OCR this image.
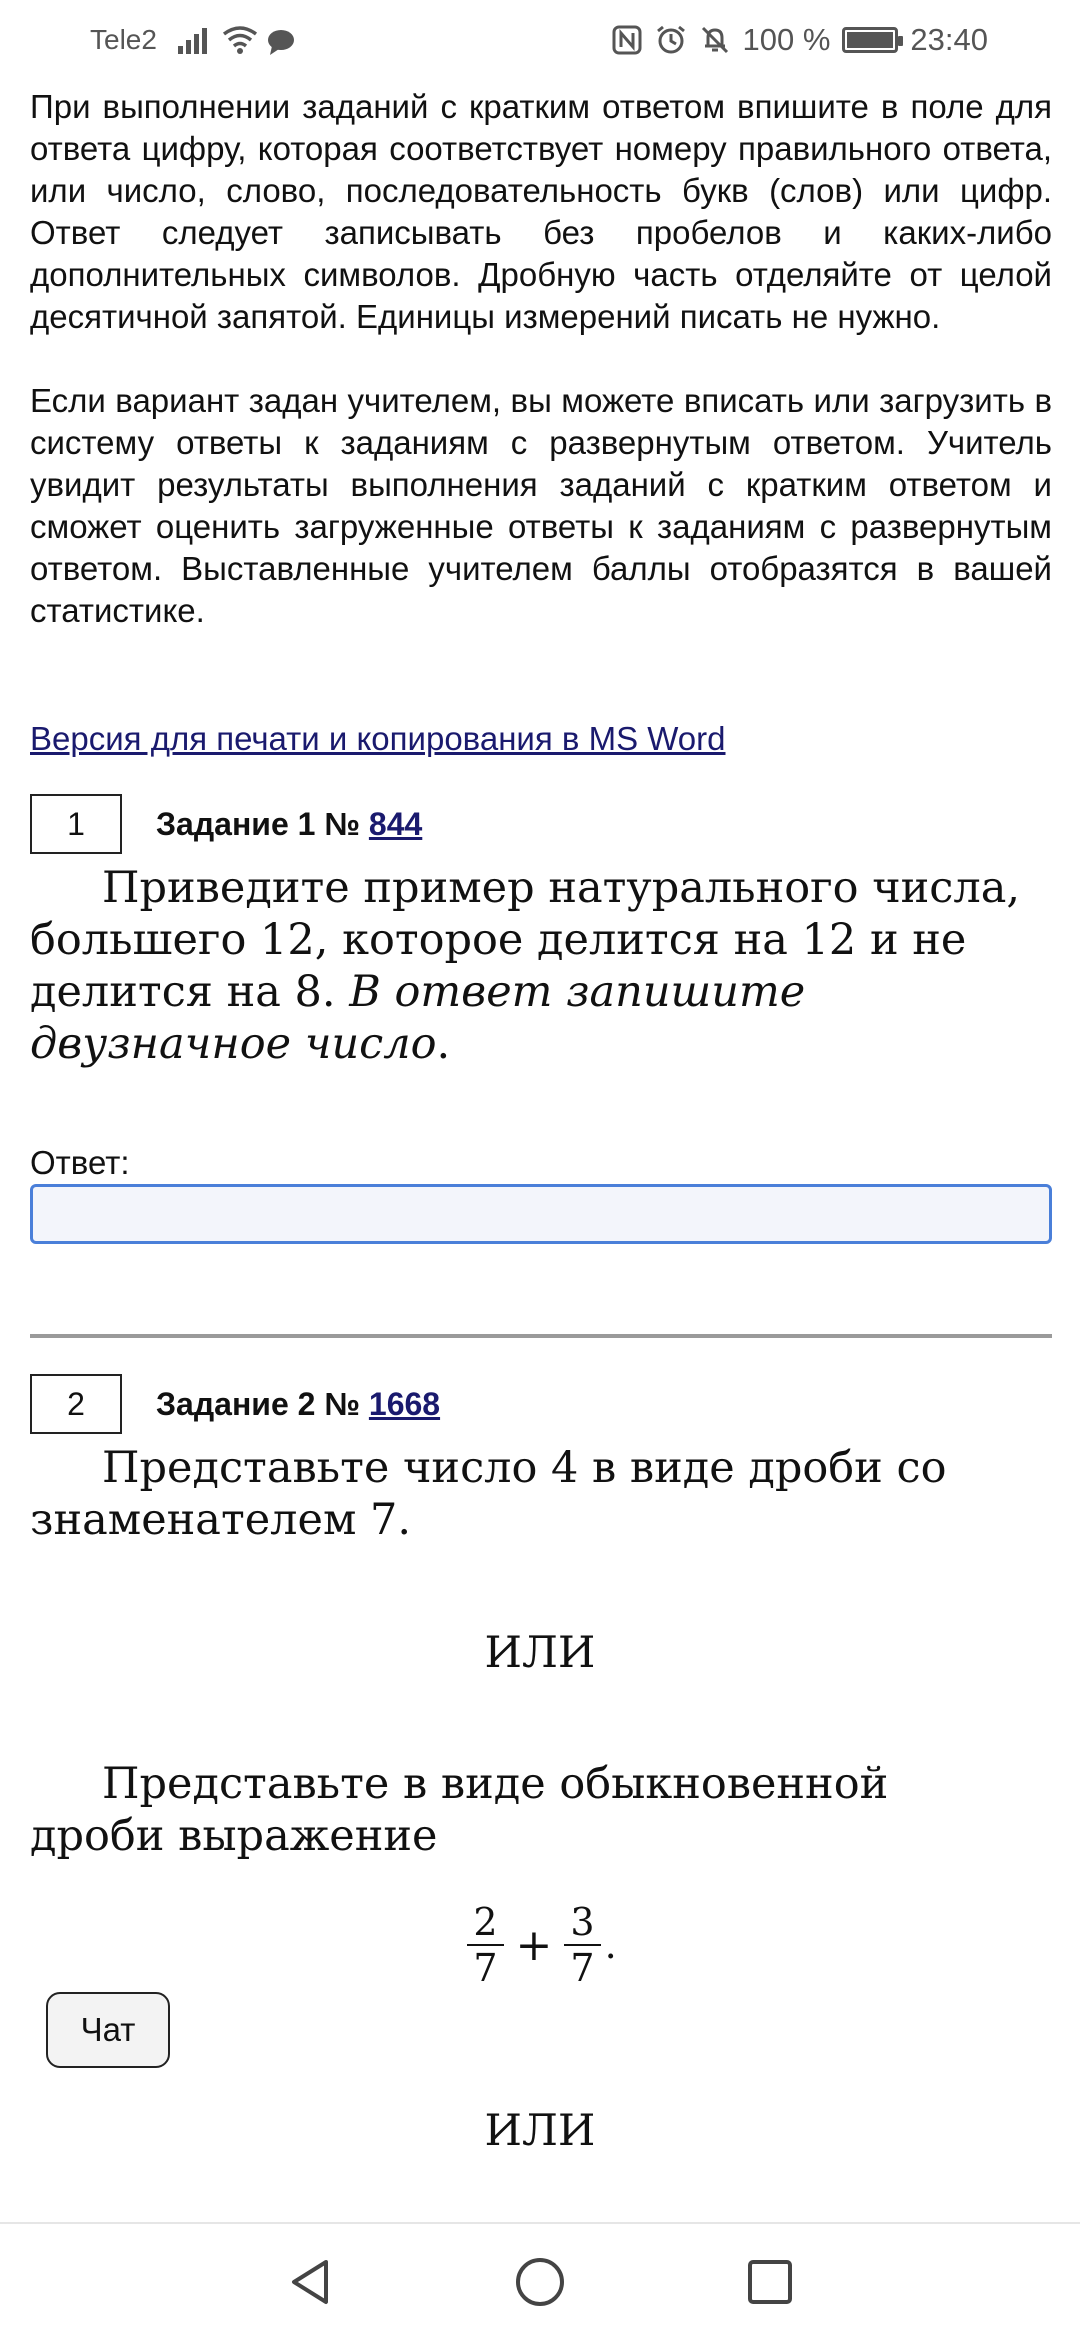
Tele2	100 %	23:40

При выполнении заданий с кратким ответом впишите в поле для ответа цифру, которая соответствует номеру правильного ответа, или число, слово, последовательность букв (слов) или цифр. Ответ следует записывать без пробелов и каких-либо дополнительных символов. Дробную часть отделяйте от целой десятичной запятой. Единицы измерений писать не нужно.

Если вариант задан учителем, вы можете вписать или загрузить в систему ответы к заданиям с развернутым ответом. Учитель увидит результаты выполнения заданий с кратким ответом и сможет оценить загруженные ответы к заданиям с развернутым ответом. Выставленные учителем баллы отобразятся в вашей статистике.

Версия для печати и копирования в MS Word
1	Задание 1 № 844
Приведите пример натурального числа, большего 12, которое делится на 12 и не делится на 8. В ответ запишите двузначное число.
Ответ:
2	Задание 2 № 1668
Представьте число 4 в виде дроби со знаменателем 7.
ИЛИ
Представьте в виде обыкновенной дроби выражение
$\frac{2}{7} + \frac{3}{7}$ .
ИЛИ
Чат
